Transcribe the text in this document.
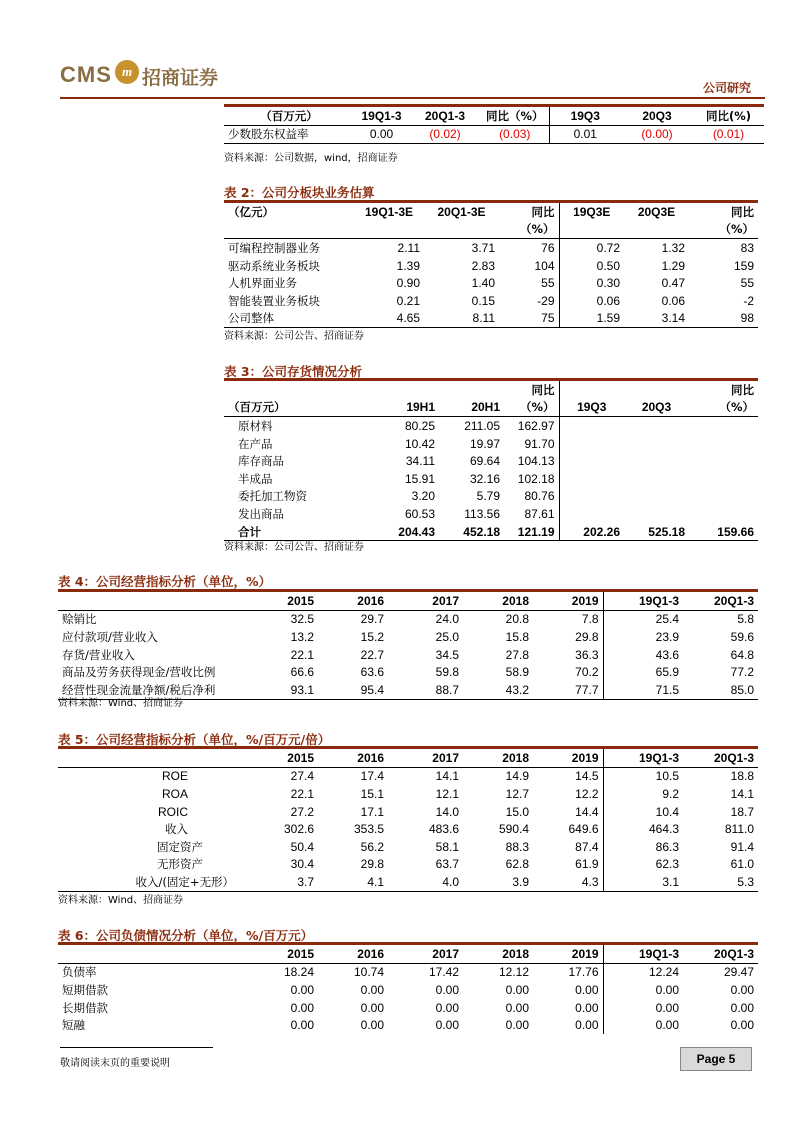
CMS m 招商证券	公司研究
（百万元）	19Q1-3	20Q1-3	同比（%）	19Q3	20Q3	同比(%)
少数股东权益率	0.00	(0.02)	(0.03)	0.01	(0.00)	(0.01)
资料来源：公司数据，wind，招商证券
表 2：公司分板块业务估算
（亿元）	19Q1-3E	20Q1-3E	同比	19Q3E	20Q3E	同比
			（%）			（%）
可编程控制器业务	2.11	3.71	76	0.72	1.32	83
驱动系统业务板块	1.39	2.83	104	0.50	1.29	159
人机界面业务	0.90	1.40	55	0.30	0.47	55
智能装置业务板块	0.21	0.15	-29	0.06	0.06	-2
公司整体	4.65	8.11	75	1.59	3.14	98
资料来源：公司公告、招商证券
表 3：公司存货情况分析
			同比			同比
（百万元）	19H1	20H1	（%）	19Q3	20Q3	（%）
原材料	80.25	211.05	162.97			
在产品	10.42	19.97	91.70			
库存商品	34.11	69.64	104.13			
半成品	15.91	32.16	102.18			
委托加工物资	3.20	5.79	80.76			
发出商品	60.53	113.56	87.61			
合计	204.43	452.18	121.19	202.26	525.18	159.66
资料来源：公司公告、招商证券
表 4：公司经营指标分析（单位，%）
	2015	2016	2017	2018	2019	19Q1-3	20Q1-3
赊销比	32.5	29.7	24.0	20.8	7.8	25.4	5.8
应付款项/营业收入	13.2	15.2	25.0	15.8	29.8	23.9	59.6
存货/营业收入	22.1	22.7	34.5	27.8	36.3	43.6	64.8
商品及劳务获得现金/营收比例	66.6	63.6	59.8	58.9	70.2	65.9	77.2
经营性现金流量净额/税后净利	93.1	95.4	88.7	43.2	77.7	71.5	85.0
资料来源：Wind、招商证券
表 5：公司经营指标分析（单位，%/百万元/倍）
	2015	2016	2017	2018	2019	19Q1-3	20Q1-3
ROE	27.4	17.4	14.1	14.9	14.5	10.5	18.8
ROA	22.1	15.1	12.1	12.7	12.2	9.2	14.1
ROIC	27.2	17.1	14.0	15.0	14.4	10.4	18.7
收入	302.6	353.5	483.6	590.4	649.6	464.3	811.0
固定资产	50.4	56.2	58.1	88.3	87.4	86.3	91.4
无形资产	30.4	29.8	63.7	62.8	61.9	62.3	61.0
收入/(固定+无形）	3.7	4.1	4.0	3.9	4.3	3.1	5.3
资料来源：Wind、招商证券
表 6：公司负债情况分析（单位，%/百万元）
	2015	2016	2017	2018	2019	19Q1-3	20Q1-3
负债率	18.24	10.74	17.42	12.12	17.76	12.24	29.47
短期借款	0.00	0.00	0.00	0.00	0.00	0.00	0.00
长期借款	0.00	0.00	0.00	0.00	0.00	0.00	0.00
短融	0.00	0.00	0.00	0.00	0.00	0.00	0.00
敬请阅读末页的重要说明	Page 5
